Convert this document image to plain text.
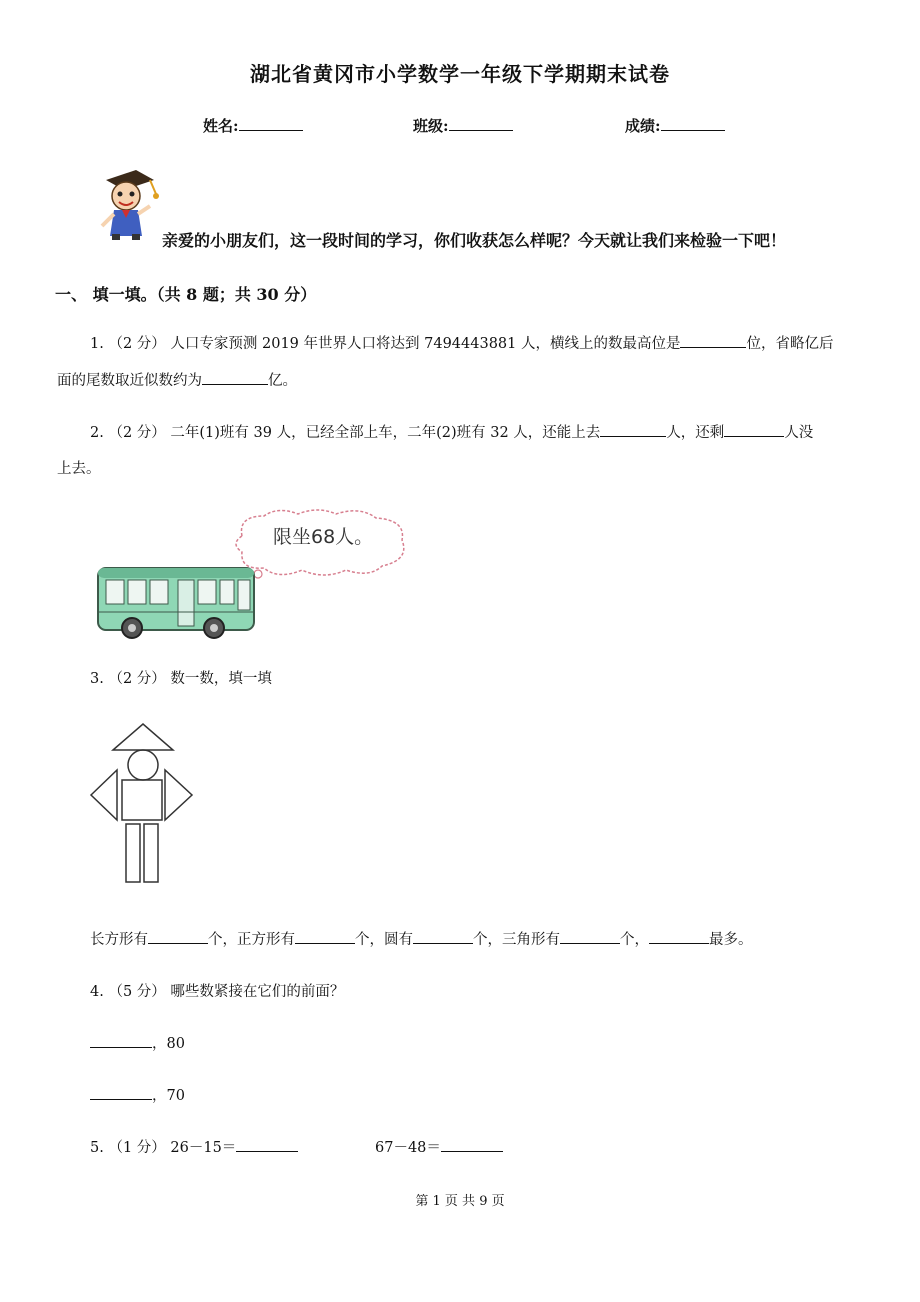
湖北省黄冈市小学数学一年级下学期期末试卷
姓名:	班级:	成绩:
亲爱的小朋友们，这一段时间的学习，你们收获怎么样呢？今天就让我们来检验一下吧！
一、 填一填。（共 8 题；共 30 分）
1. （2 分） 人口专家预测 2019 年世界人口将达到 7494443881 人，横线上的数最高位是	位，省略亿后
面的尾数取近似数约为	亿。
2. （2 分） 二年(1)班有 39 人，已经全部上车，二年(2)班有 32 人，还能上去	人，还剩	人没
上去。
限坐68人。
3. （2 分） 数一数，填一填
长方形有	个，正方形有	个，圆有	个，三角形有	个，	最多。
4. （5 分） 哪些数紧接在它们的前面？
，80
，70
5. （1 分） 26－15＝	67－48＝
第 1 页 共 9 页
